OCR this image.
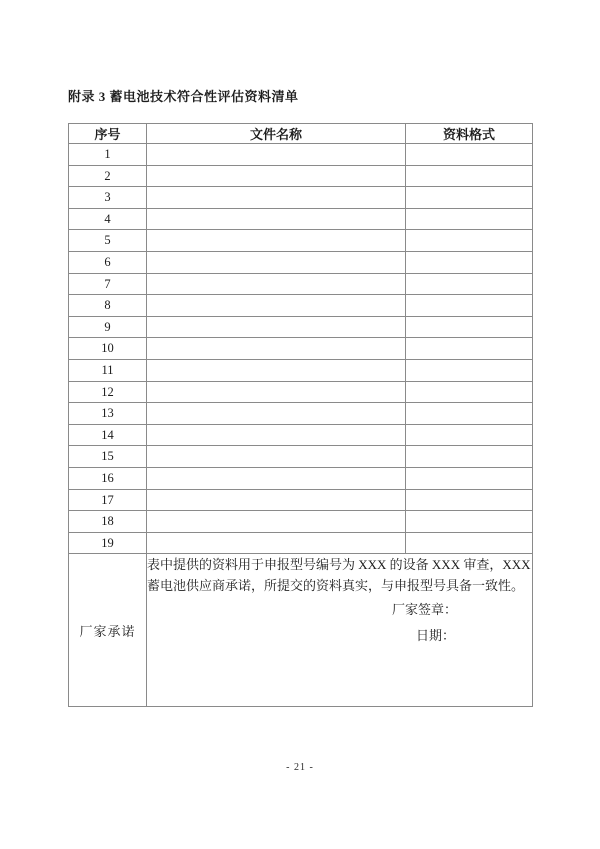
附录 3 蓄电池技术符合性评估资料清单
序号	文件名称	资料格式
1		
2		
3		
4		
5		
6		
7		
8		
9		
10		
11		
12		
13		
14		
15		
16		
17		
18		
19		
厂家承诺	表中提供的资料用于申报型号编号为 XXX 的设备 XXX 审查，XXX 蓄电池供应商承诺，所提交的资料真实，与申报型号具备一致性。
厂家签章：
日期：	
- 21 -
